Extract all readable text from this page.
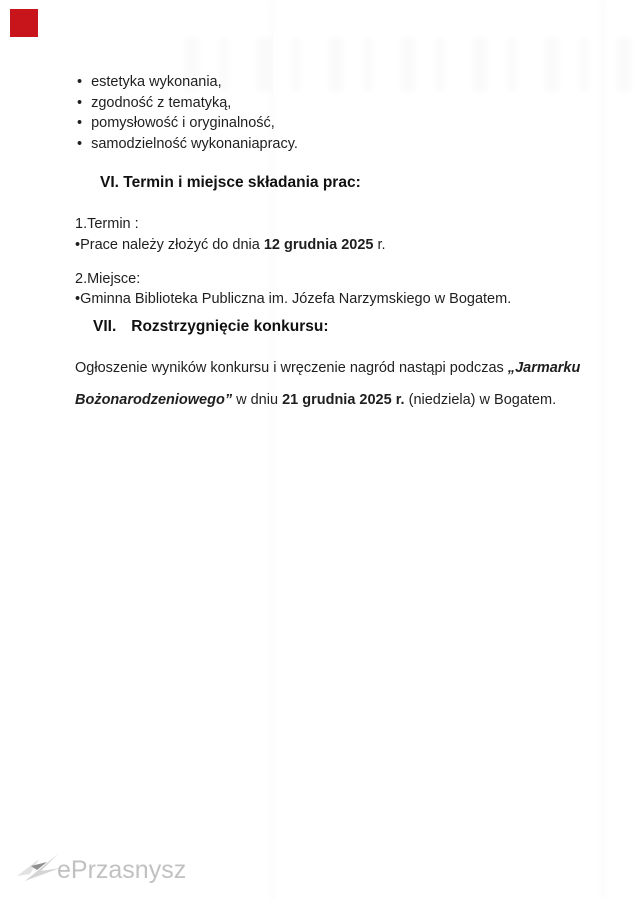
• estetyka wykonania,
• zgodność z tematyką,
• pomysłowość i oryginalność,
• samodzielność wykonaniapracy.
VI. Termin i miejsce składania prac:
1.Termin :
•Prace należy złożyć do dnia 12 grudnia 2025 r.
2.Miejsce:
•Gminna Biblioteka Publiczna im. Józefa Narzymskiego w Bogatem.
VII. Rozstrzygnięcie konkursu:
Ogłoszenie wyników konkursu i wręczenie nagród nastąpi podczas „Jarmarku
Bożonarodzeniowego” w dniu 21 grudnia 2025 r. (niedziela) w Bogatem.
ePrzasnysz
